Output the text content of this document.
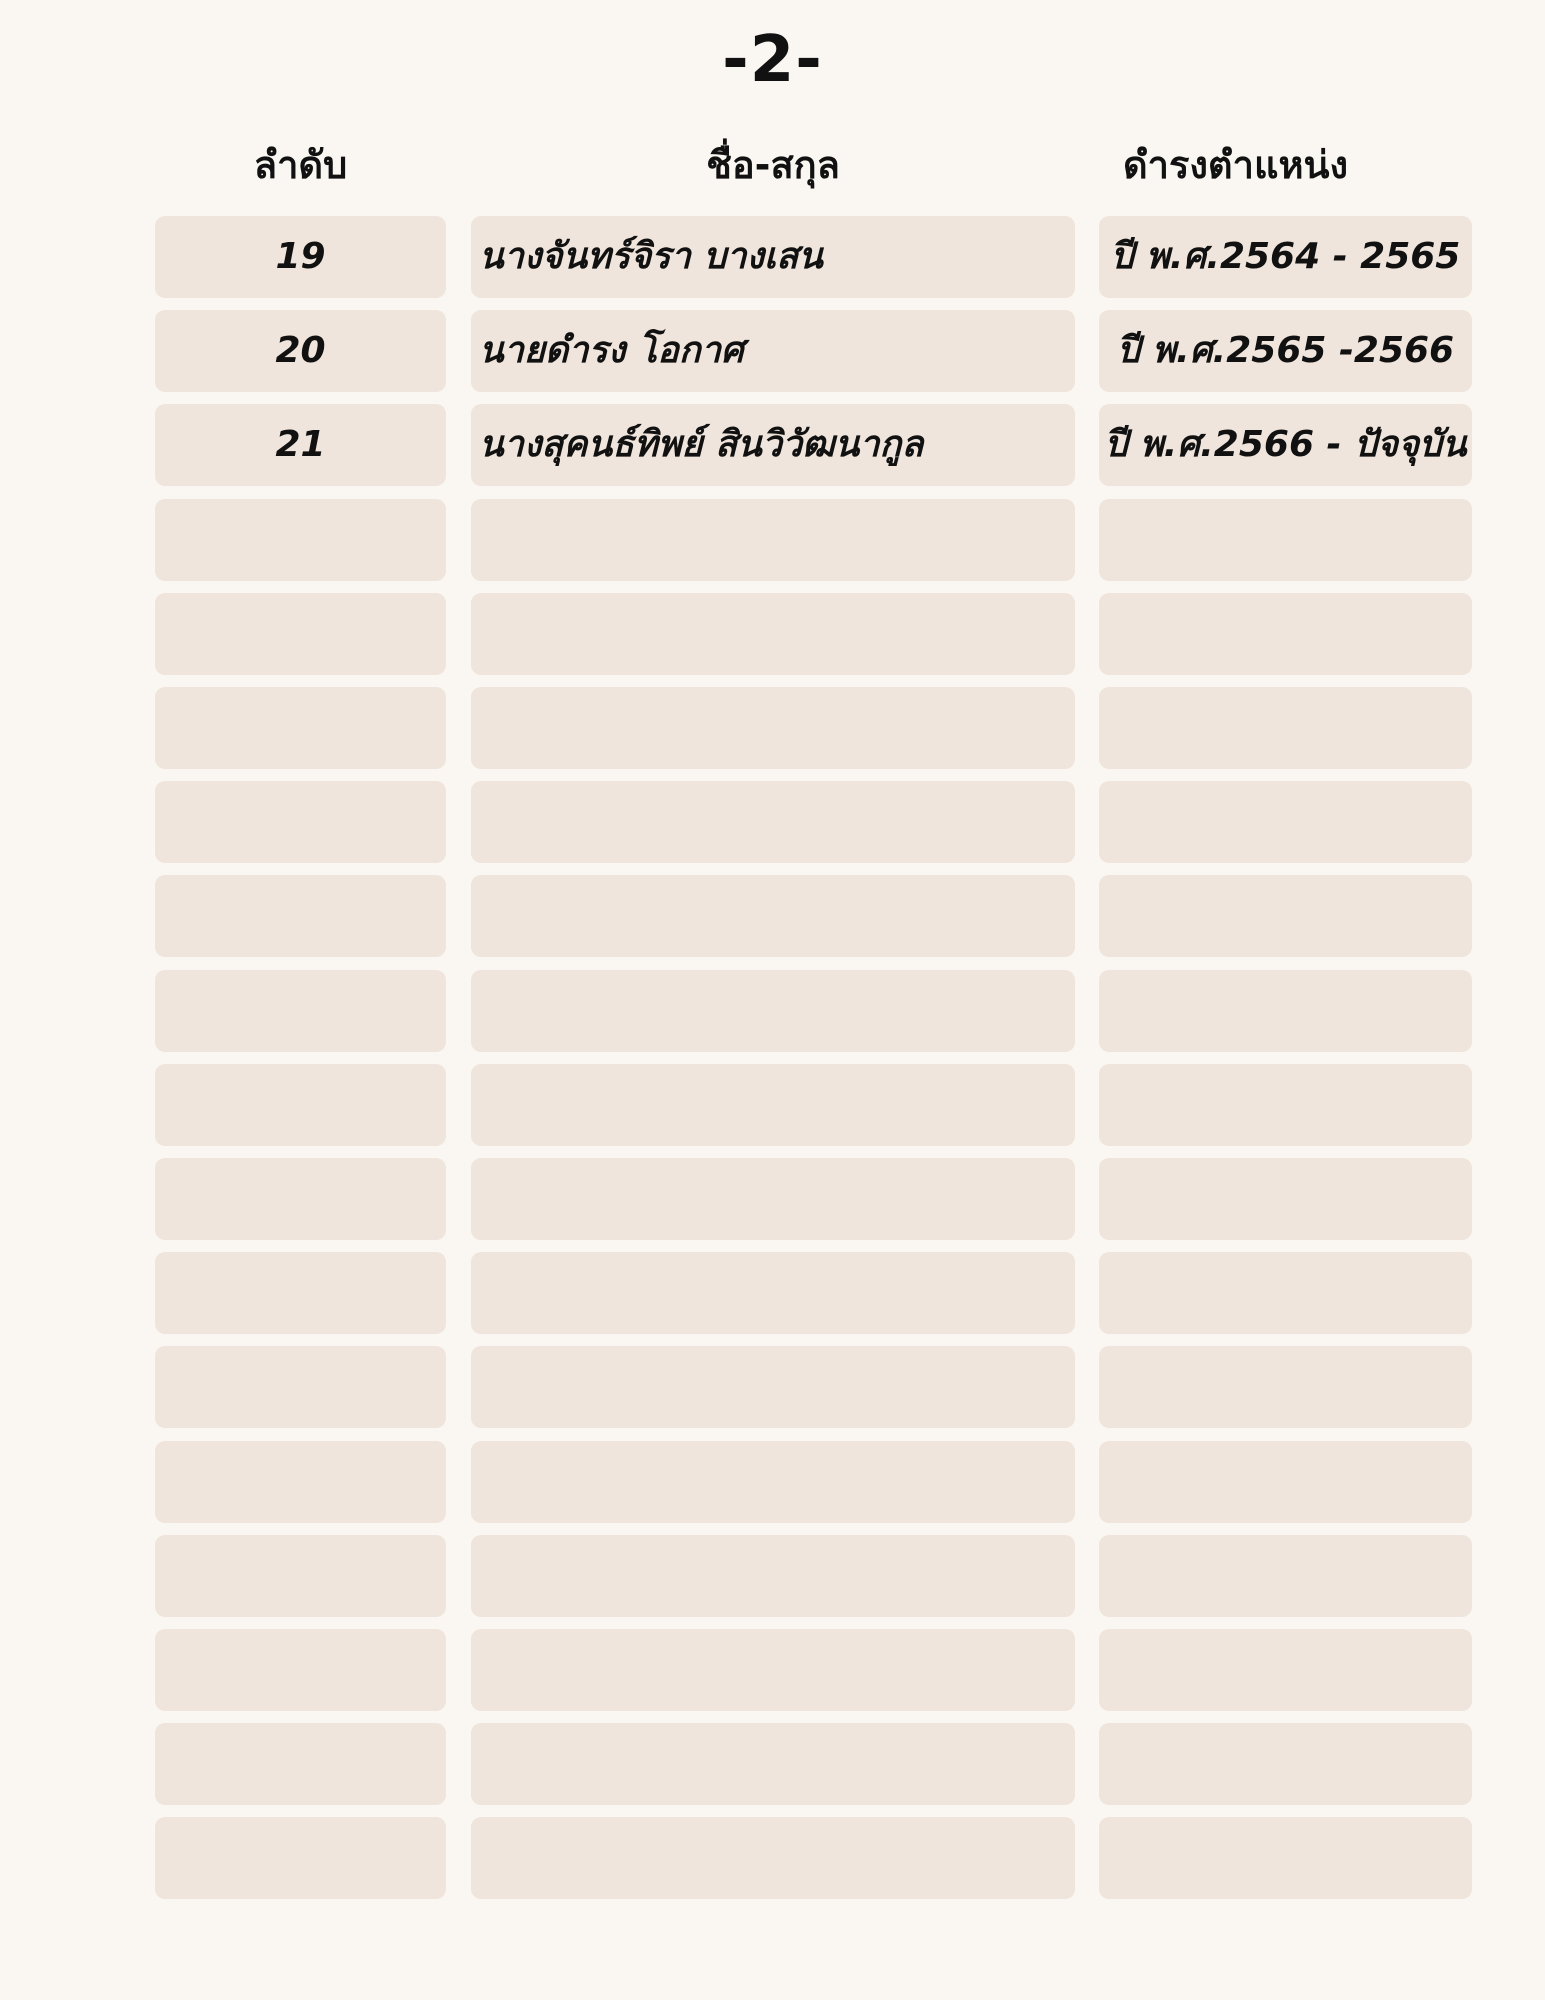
-2-
ลำดับ	ชื่อ-สกุล	ดำรงตำแหน่ง
19	นางจันทร์จิรา บางเสน	ปี พ.ศ.2564 - 2565
20	นายดำรง โอกาศ	ปี พ.ศ.2565 -2566
21	นางสุคนธ์ทิพย์ สินวิวัฒนากูล	ปี พ.ศ.2566 - ปัจจุบัน
